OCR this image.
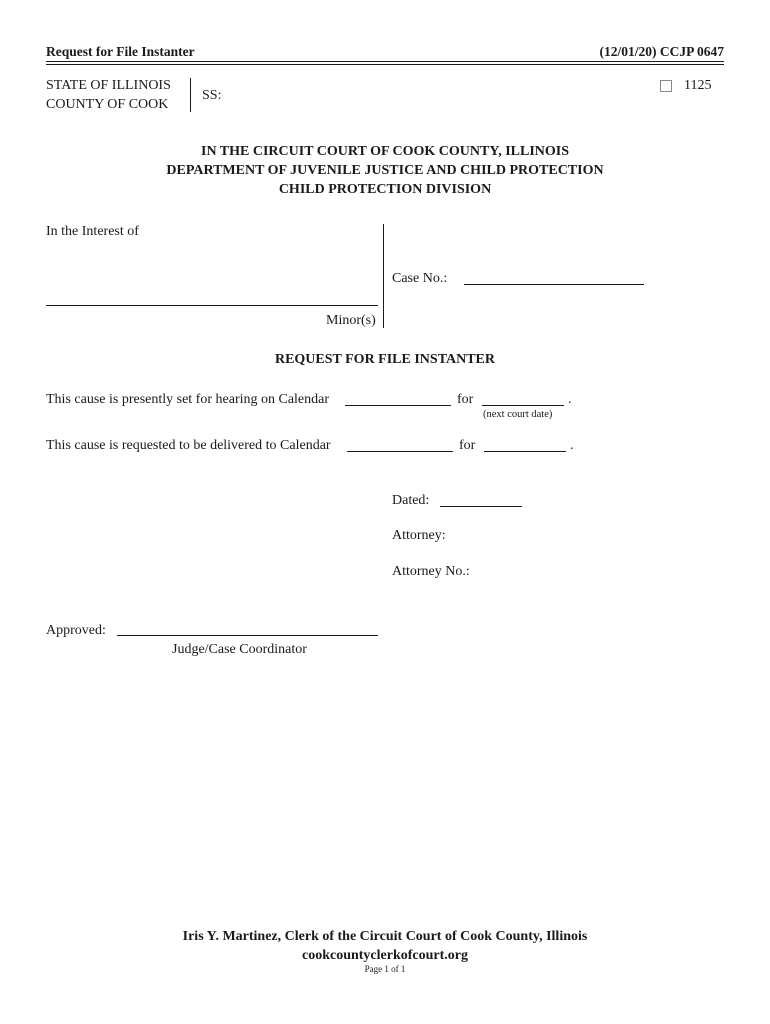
Request for File Instanter	(12/01/20) CCJP 0647
STATE OF ILLINOIS
COUNTY OF COOK
SS:
1125
IN THE CIRCUIT COURT OF COOK COUNTY, ILLINOIS
DEPARTMENT OF JUVENILE JUSTICE AND CHILD PROTECTION
CHILD PROTECTION DIVISION
In the Interest of
Minor(s)
Case No.:
REQUEST FOR FILE INSTANTER
This cause is presently set for hearing on Calendar	for	.
(next court date)
This cause is requested to be delivered to Calendar	for	.
Dated:
Attorney:
Attorney No.:
Approved:
Judge/Case Coordinator
Iris Y. Martinez, Clerk of the Circuit Court of Cook County, Illinois
cookcountyclerkofcourt.org
Page 1 of 1
